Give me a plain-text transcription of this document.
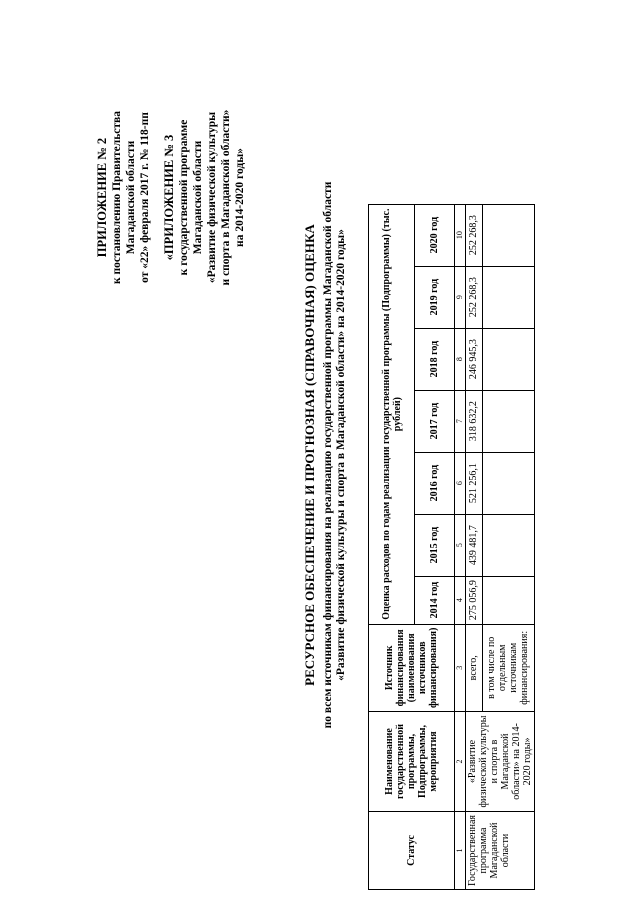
ПРИЛОЖЕНИЕ № 2 к постановлению Правительства Магаданской области от «22» февраля 2017 г. № 118-пп «ПРИЛОЖЕНИЕ № 3 к государственной программе Магаданской области «Развитие физической культуры и спорта в Магаданской области» на 2014-2020 годы»
РЕСУРСНОЕ ОБЕСПЕЧЕНИЕ И ПРОГНОЗНАЯ (СПРАВОЧНАЯ) ОЦЕНКА по всем источникам финансирования на реализацию государственной программы Магаданской области «Развитие физической культуры и спорта в Магаданской области» на 2014-2020 годы»
Статус	Наименование государственной программы, Подпрограммы, мероприятия	Источник финансирования (наименования источников финансирования)	Оценка расходов по годам реализации государственной программы (Подпрограммы) (тыс. рублей)						
			2014 год	2015 год	2016 год	2017 год	2018 год	2019 год	2020 год
1	2	3	4	5	6	7	8	9	10
Государственная программа Магаданской области	«Развитие физической культуры и спорта в Магаданской области» на 2014-2020 годы»	всего,	275 056,9	439 481,7	521 256,1	318 632,2	246 945,3	252 268,3	252 268,3
		в том числе по отдельным источникам финансирования:							
